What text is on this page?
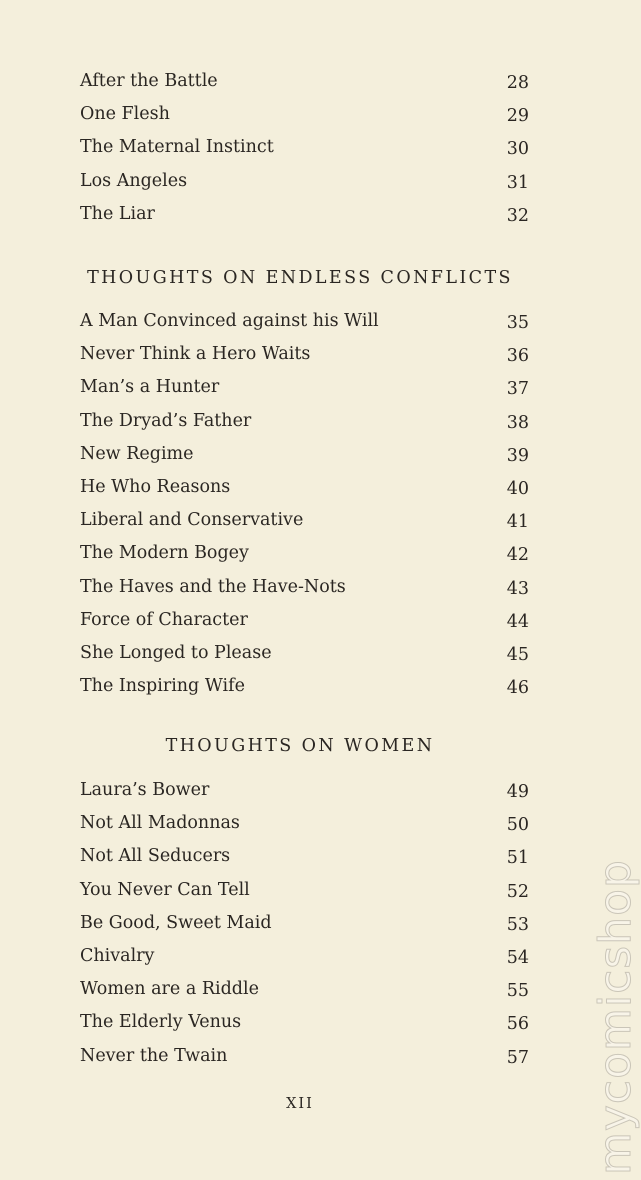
After the Battle	28
One Flesh	29
The Maternal Instinct	30
Los Angeles	31
The Liar	32
THOUGHTS ON ENDLESS CONFLICTS
A Man Convinced against his Will	35
Never Think a Hero Waits	36
Man’s a Hunter	37
The Dryad’s Father	38
New Regime	39
He Who Reasons	40
Liberal and Conservative	41
The Modern Bogey	42
The Haves and the Have-Nots	43
Force of Character	44
She Longed to Please	45
The Inspiring Wife	46
THOUGHTS ON WOMEN
Laura’s Bower	49
Not All Madonnas	50
Not All Seducers	51
You Never Can Tell	52
Be Good, Sweet Maid	53
Chivalry	54
Women are a Riddle	55
The Elderly Venus	56
Never the Twain	57
XII	mycomicshop
